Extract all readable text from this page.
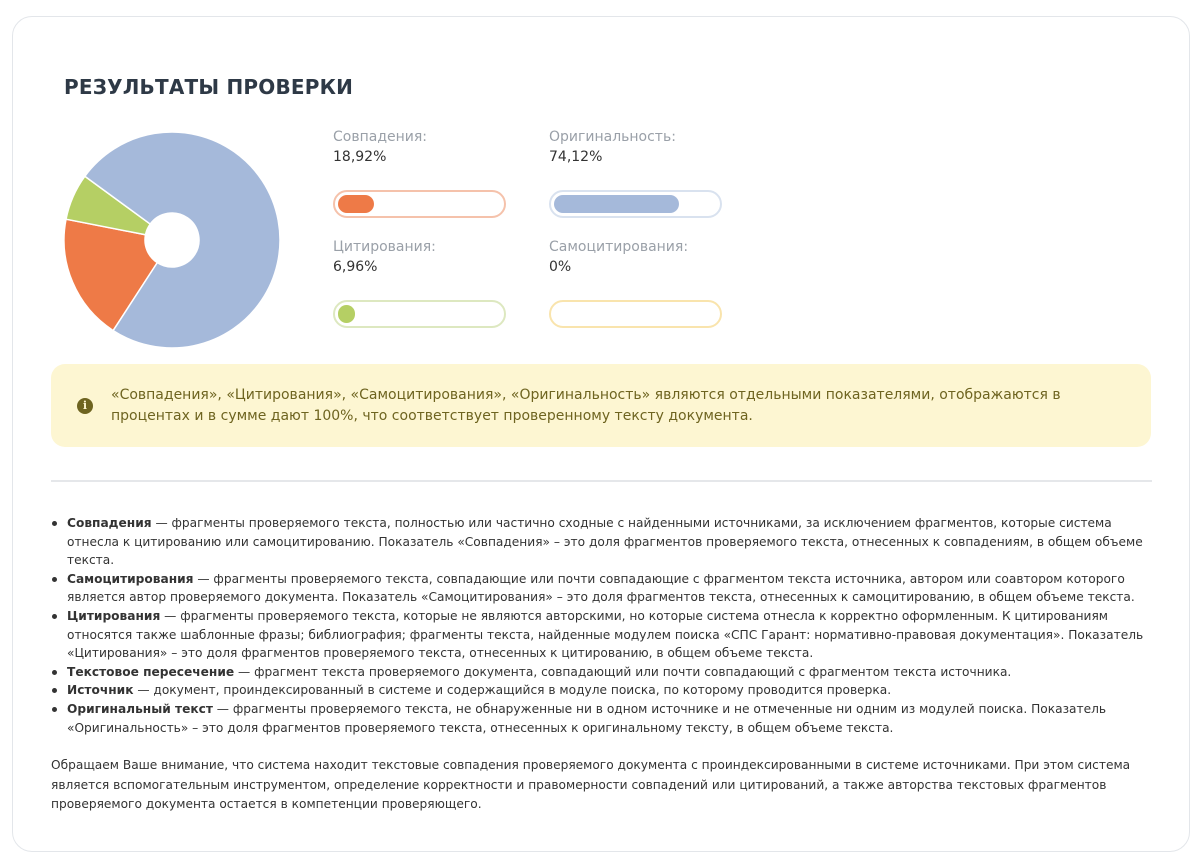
РЕЗУЛЬТАТЫ ПРОВЕРКИ
Совпадения:
18,92%
Оригинальность:
74,12%
Цитирования:
6,96%
Самоцитирования:
0%
i
«Совпадения», «Цитирования», «Самоцитирования», «Оригинальность» являются отдельными показателями, отображаются в процентах и в сумме дают 100%, что соответствует проверенному тексту документа.
Совпадения — фрагменты проверяемого текста, полностью или частично сходные с найденными источниками, за исключением фрагментов, которые система отнесла к цитированию или самоцитированию. Показатель «Совпадения» – это доля фрагментов проверяемого текста, отнесенных к совпадениям, в общем объеме текста.
Самоцитирования — фрагменты проверяемого текста, совпадающие или почти совпадающие с фрагментом текста источника, автором или соавтором которого является автор проверяемого документа. Показатель «Самоцитирования» – это доля фрагментов текста, отнесенных к самоцитированию, в общем объеме текста.
Цитирования — фрагменты проверяемого текста, которые не являются авторскими, но которые система отнесла к корректно оформленным. К цитированиям относятся также шаблонные фразы; библиография; фрагменты текста, найденные модулем поиска «СПС Гарант: нормативно-правовая документация». Показатель «Цитирования» – это доля фрагментов проверяемого текста, отнесенных к цитированию, в общем объеме текста.
Текстовое пересечение — фрагмент текста проверяемого документа, совпадающий или почти совпадающий с фрагментом текста источника.
Источник — документ, проиндексированный в системе и содержащийся в модуле поиска, по которому проводится проверка.
Оригинальный текст — фрагменты проверяемого текста, не обнаруженные ни в одном источнике и не отмеченные ни одним из модулей поиска. Показатель «Оригинальность» – это доля фрагментов проверяемого текста, отнесенных к оригинальному тексту, в общем объеме текста.
Обращаем Ваше внимание, что система находит текстовые совпадения проверяемого документа с проиндексированными в системе источниками. При этом система является вспомогательным инструментом, определение корректности и правомерности совпадений или цитирований, а также авторства текстовых фрагментов проверяемого документа остается в компетенции проверяющего.
